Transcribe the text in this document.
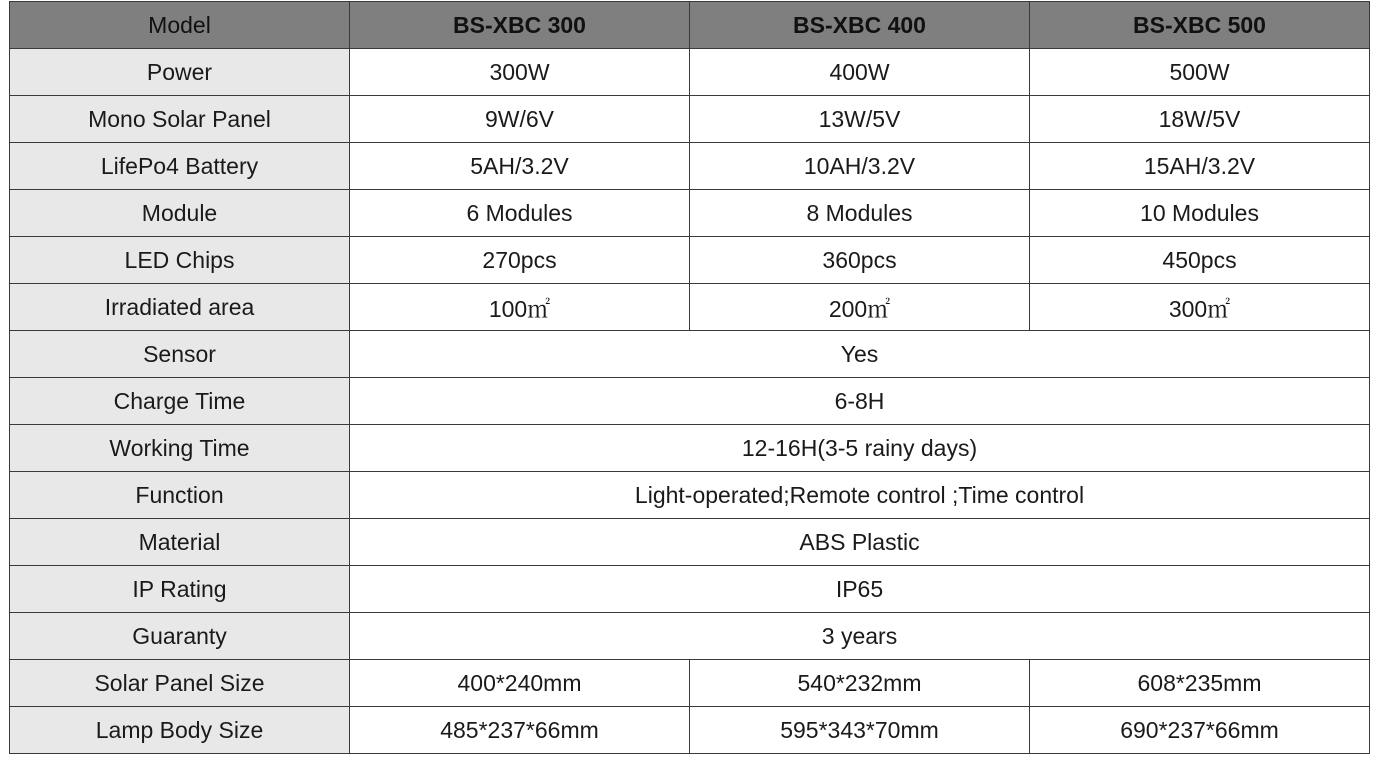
Model	BS-XBC 300	BS-XBC 400	BS-XBC 500
Power	300W	400W	500W
Mono Solar Panel	9W/6V	13W/5V	18W/5V
LifePo4 Battery	5AH/3.2V	10AH/3.2V	15AH/3.2V
Module	6 Modules	8 Modules	10 Modules
LED Chips	270pcs	360pcs	450pcs
Irradiated area	100㎡	200㎡	300㎡
Sensor	Yes		
Charge Time	6-8H		
Working Time	12-16H(3-5 rainy days)		
Function	Light-operated;Remote control ;Time control		
Material	ABS Plastic		
IP Rating	IP65		
Guaranty	3 years		
Solar Panel Size	400*240mm	540*232mm	608*235mm
Lamp Body Size	485*237*66mm	595*343*70mm	690*237*66mm
